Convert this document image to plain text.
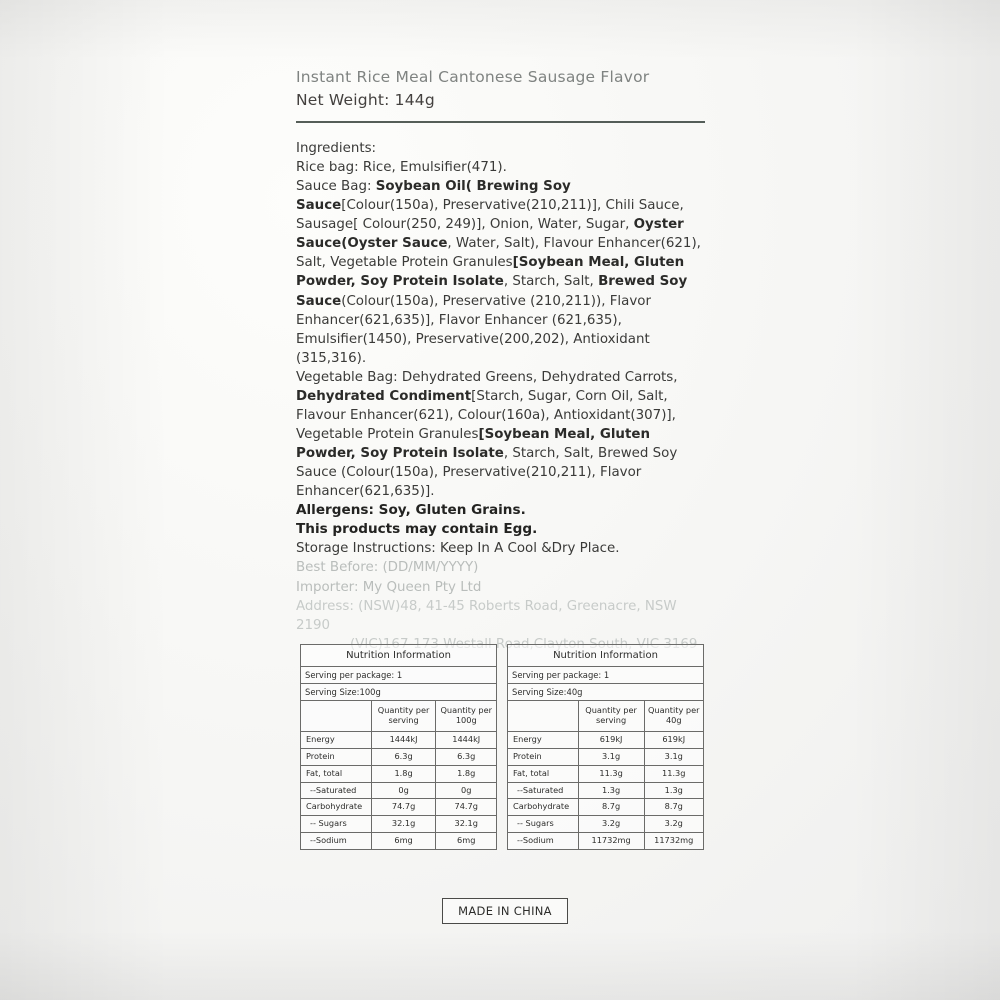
Instant Rice Meal Cantonese Sausage Flavor
Net Weight: 144g

Ingredients:

Rice bag: Rice, Emulsifier(471).

Sauce Bag: Soybean Oil( Brewing Soy Sauce[Colour(150a), Preservative(210,211)], Chili Sauce, Sausage[ Colour(250, 249)], Onion, Water, Sugar, Oyster Sauce(Oyster Sauce, Water, Salt), Flavour Enhancer(621), Salt, Vegetable Protein Granules[Soybean Meal, Gluten Powder, Soy Protein Isolate, Starch, Salt, Brewed Soy Sauce(Colour(150a), Preservative (210,211)), Flavor Enhancer(621,635)], Flavor Enhancer (621,635), Emulsifier(1450), Preservative(200,202), Antioxidant (315,316).

Vegetable Bag: Dehydrated Greens, Dehydrated Carrots, Dehydrated Condiment[Starch, Sugar, Corn Oil, Salt, Flavour Enhancer(621), Colour(160a), Antioxidant(307)], Vegetable Protein Granules[Soybean Meal, Gluten Powder, Soy Protein Isolate, Starch, Salt, Brewed Soy Sauce (Colour(150a), Preservative(210,211), Flavor Enhancer(621,635)].

Allergens: Soy, Gluten Grains.

This products may contain Egg.

Storage Instructions: Keep In A Cool &Dry Place.

Best Before: (DD/MM/YYYY)

Importer: My Queen Pty Ltd

Address: (NSW)48, 41-45 Roberts Road, Greenacre, NSW 2190

Nutrition Information
Serving per package: 1
Serving Size:100g
	Quantity per serving	Quantity per 100g
Energy	1444kJ	1444kJ
Protein	6.3g	6.3g
Fat, total	1.8g	1.8g
--Saturated	0g	0g
Carbohydrate	74.7g	74.7g
-- Sugars	32.1g	32.1g
--Sodium	6mg	6mg
Nutrition Information
Serving per package: 1
Serving Size:40g
	Quantity per serving	Quantity per 40g
Energy	619kJ	619kJ
Protein	3.1g	3.1g
Fat, total	11.3g	11.3g
--Saturated	1.3g	1.3g
Carbohydrate	8.7g	8.7g
-- Sugars	3.2g	3.2g
--Sodium	11732mg	11732mg
MADE IN CHINA
